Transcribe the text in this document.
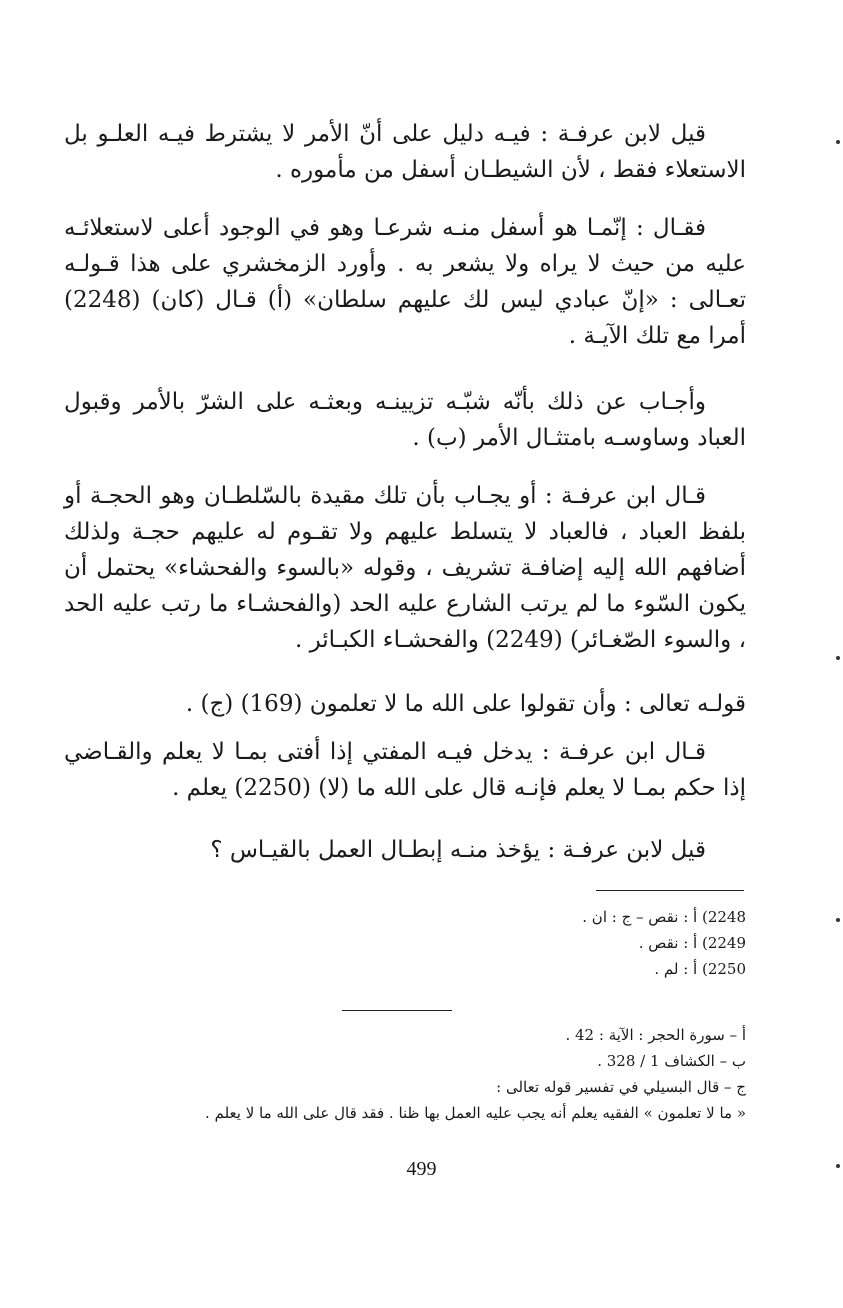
قيل لابن عرفـة : فيـه دليل على أنّ الأمر لا يشترط فيـه العلـو بل الاستعلاء فقط ، لأن الشيطـان أسفل من مأموره .
فقـال : إنّمـا هو أسفل منـه شرعـا وهو في الوجود أعلى لاستعلائـه عليه من حيث لا يراه ولا يشعر به . وأورد الزمخشري على هذا قـولـه تعـالى : «إنّ عبادي ليس لك عليهم سلطان» (أ) قـال (كان) (2248) أمرا مع تلك الآيـة .
وأجـاب عن ذلك بأنّه شبّـه تزيينـه وبعثـه على الشرّ بالأمر وقبول العباد وساوسـه بامتثـال الأمر (ب) .
قـال ابن عرفـة : أو يجـاب بأن تلك مقيدة بالسّلطـان وهو الحجـة أو بلفظ العباد ، فالعباد لا يتسلط عليهم ولا تقـوم له عليهم حجـة ولذلك أضافهم الله إليه إضافـة تشريف ، وقوله «بالسوء والفحشاء» يحتمل أن يكون السّوء ما لم يرتب الشارع عليه الحد (والفحشـاء ما رتب عليه الحد ، والسوء الصّغـائر) (2249) والفحشـاء الكبـائر .
قولـه تعالى : وأن تقولوا على الله ما لا تعلمون (169) (ج) .
قـال ابن عرفـة : يدخل فيـه المفتي إذا أفتى بمـا لا يعلم والقـاضي إذا حكم بمـا لا يعلم فإنـه قال على الله ما (لا) (2250) يعلم .
قيل لابن عرفـة : يؤخذ منـه إبطـال العمل بالقيـاس ؟
2248) أ : نقص – ج : ان .
2249) أ : نقص .
2250) أ : لم .
أ – سورة الحجر : الآية : 42 .
ب – الكشاف 1 / 328 .
ج – قال البسيلي في تفسير قوله تعالى :
« ما لا تعلمون » الفقيه يعلم أنه يجب عليه العمل بها ظنا . فقد قال على الله ما لا يعلم .
499
